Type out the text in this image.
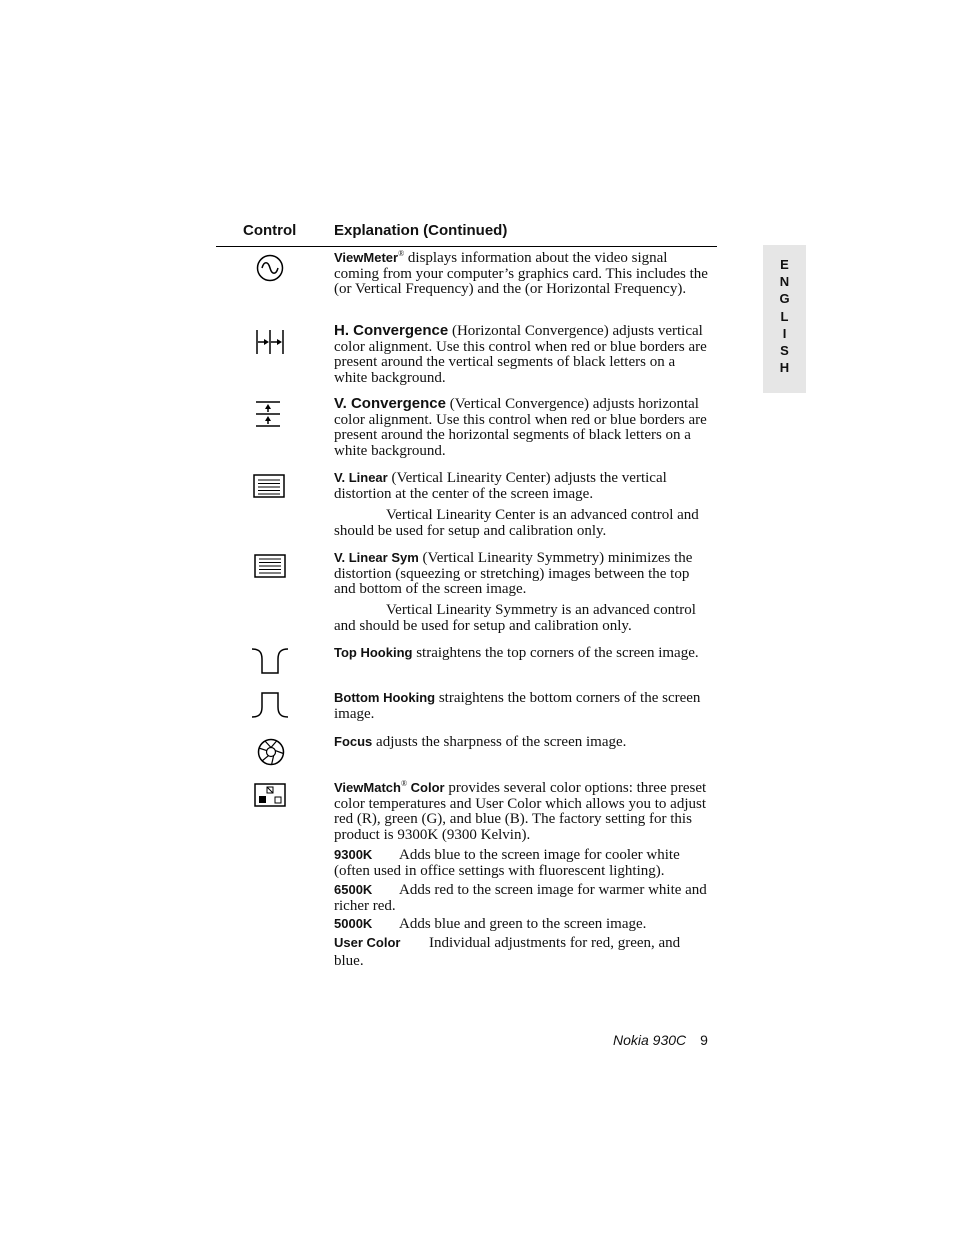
Control	Explanation (Continued)
E
N
G
L
I
S
H
ViewMeter® displays information about the video signal coming from your computer’s graphics card. This includes the (or Vertical Frequency) and the (or Horizontal Frequency).
H. Convergence (Horizontal Convergence) adjusts vertical color alignment. Use this control when red or blue borders are present around the vertical segments of black letters on a white background.
V. Convergence (Vertical Convergence) adjusts horizontal color alignment. Use this control when red or blue borders are present around the horizontal segments of black letters on a white background.
V. Linear (Vertical Linearity Center) adjusts the vertical distortion at the center of the screen image.
Vertical Linearity Center is an advanced control and should be used for setup and calibration only.
V. Linear Sym (Vertical Linearity Symmetry) minimizes the distortion (squeezing or stretching) images between the top and bottom of the screen image.
Vertical Linearity Symmetry is an advanced control and should be used for setup and calibration only.
Top Hooking straightens the top corners of the screen image.
Bottom Hooking straightens the bottom corners of the screen image.
Focus adjusts the sharpness of the screen image.
ViewMatch® Color provides several color options: three preset color temperatures and User Color which allows you to adjust red (R), green (G), and blue (B). The factory setting for this product is 9300K (9300 Kelvin).
9300K Adds blue to the screen image for cooler white (often used in office settings with fluorescent lighting).
6500K Adds red to the screen image for warmer white and richer red.
5000K Adds blue and green to the screen image.
User Color Individual adjustments for red, green, and blue.
Nokia 930C 9
